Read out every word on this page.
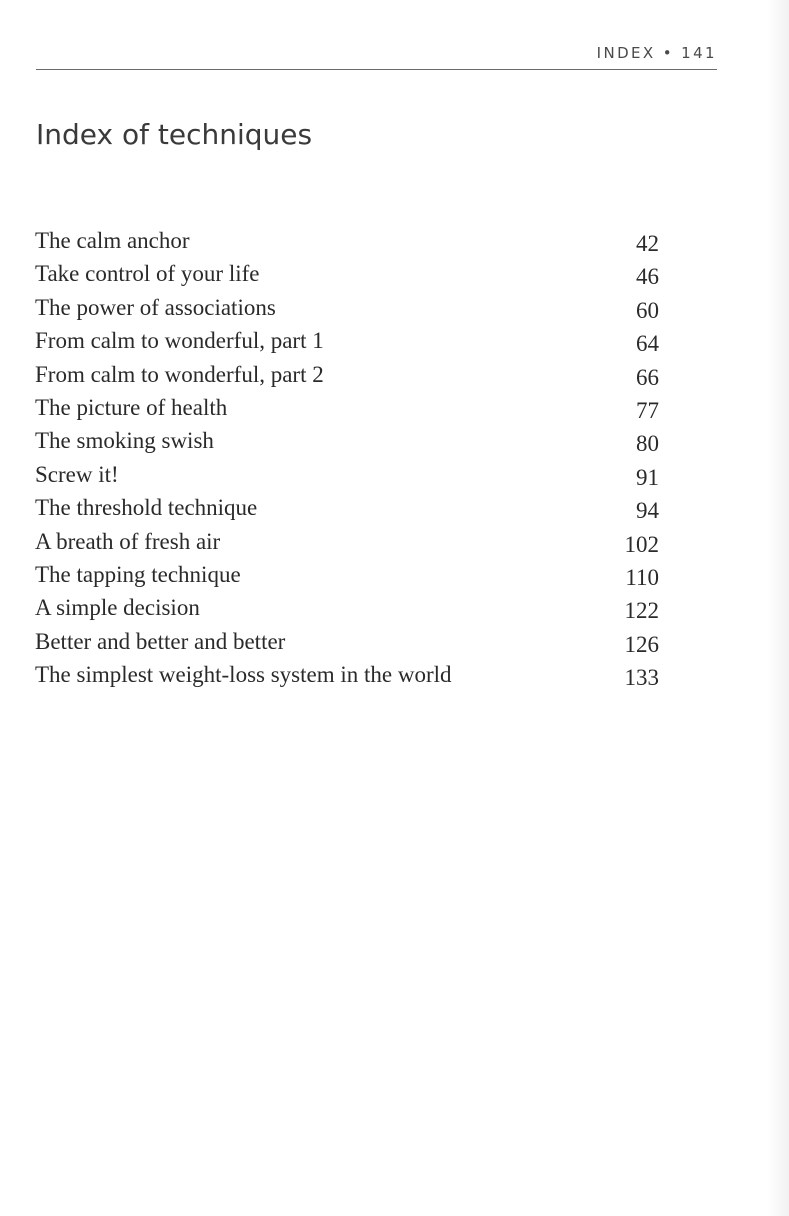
INDEX • 141
Index of techniques
The calm anchor	42
Take control of your life	46
The power of associations	60
From calm to wonderful, part 1	64
From calm to wonderful, part 2	66
The picture of health	77
The smoking swish	80
Screw it!	91
The threshold technique	94
A breath of fresh air	102
The tapping technique	110
A simple decision	122
Better and better and better	126
The simplest weight-loss system in the world	133
